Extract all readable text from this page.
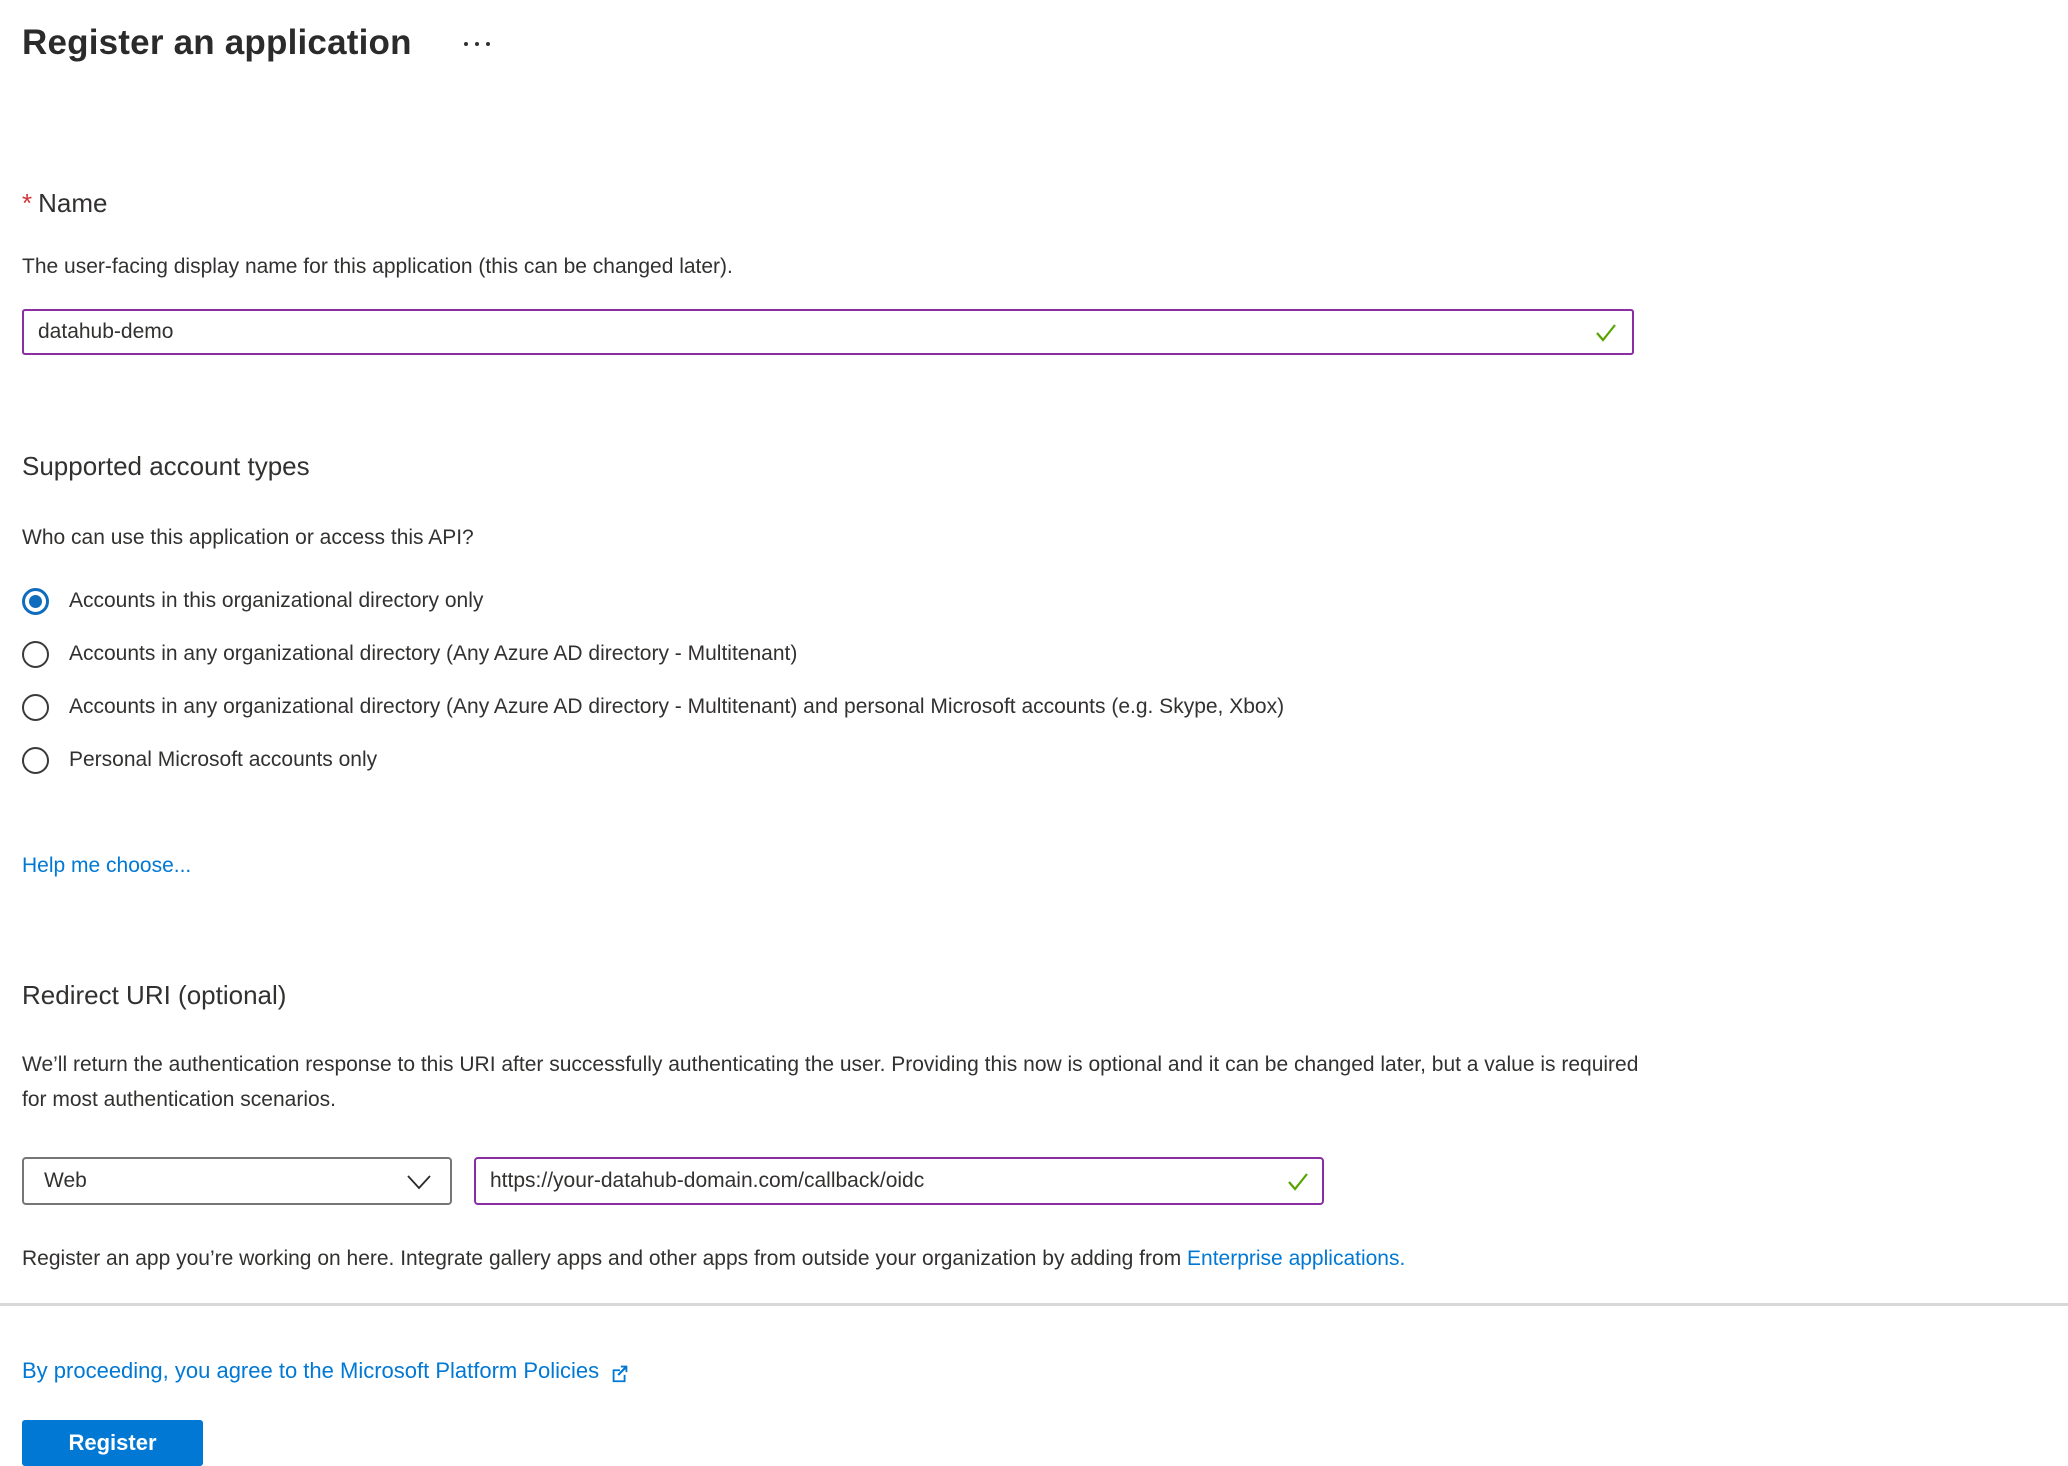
Register an application
* Name
The user-facing display name for this application (this can be changed later).
datahub-demo
Supported account types
Who can use this application or access this API?
Accounts in this organizational directory only
Accounts in any organizational directory (Any Azure AD directory - Multitenant)
Accounts in any organizational directory (Any Azure AD directory - Multitenant) and personal Microsoft accounts (e.g. Skype, Xbox)
Personal Microsoft accounts only
Help me choose...
Redirect URI (optional)
We’ll return the authentication response to this URI after successfully authenticating the user. Providing this now is optional and it can be changed later, but a value is required for most authentication scenarios.
Web
https://your-datahub-domain.com/callback/oidc
Register an app you’re working on here. Integrate gallery apps and other apps from outside your organization by adding from Enterprise applications.
By proceeding, you agree to the Microsoft Platform Policies
Register
